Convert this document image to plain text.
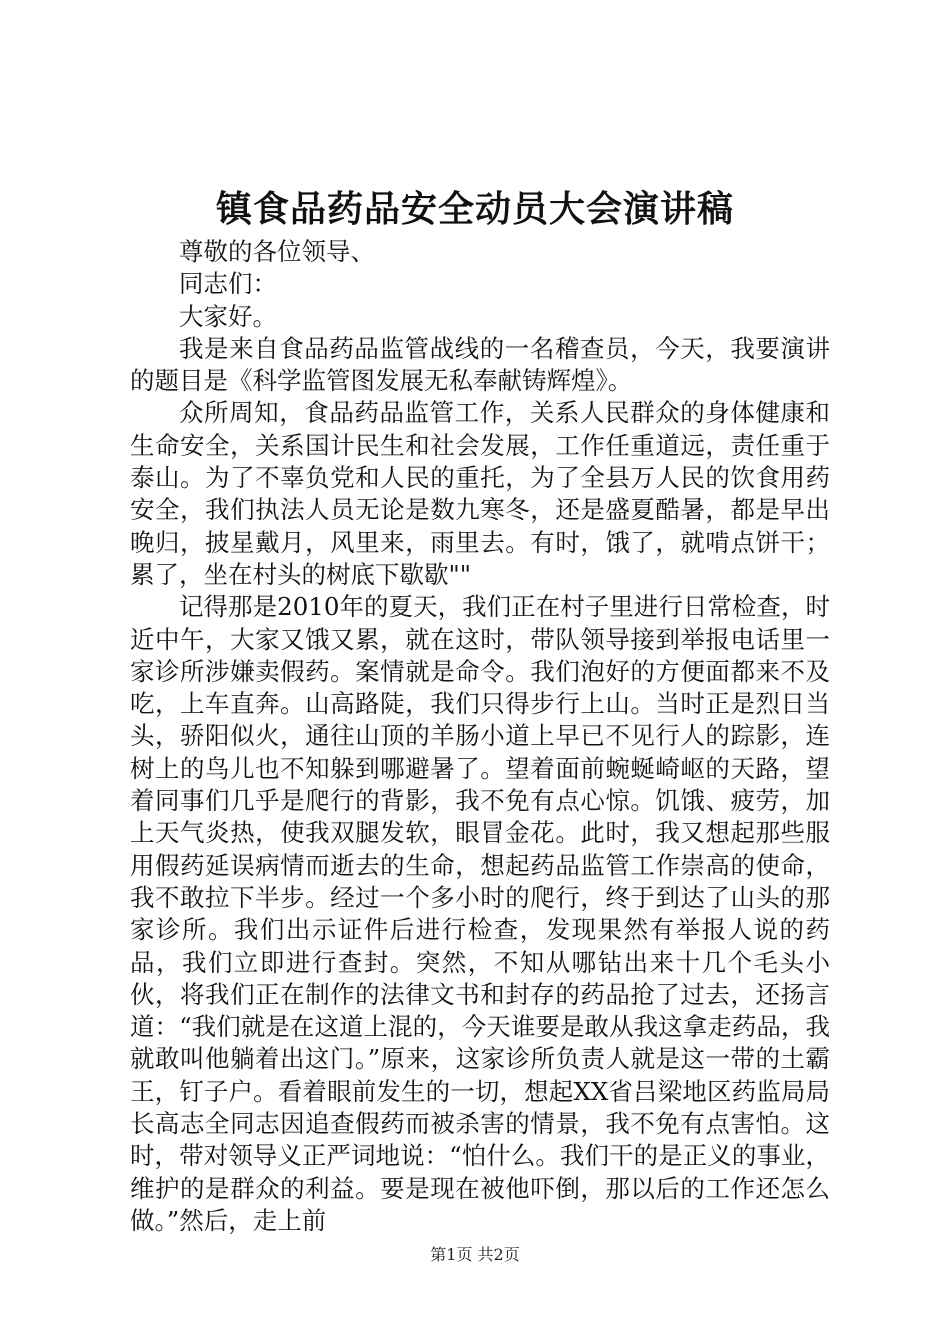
镇食品药品安全动员大会演讲稿

尊敬的各位领导、

同志们：

大家好。

我是来自食品药品监管战线的一名稽查员，今天，我要演讲的题目是《科学监管图发展无私奉献铸辉煌》。

众所周知，食品药品监管工作，关系人民群众的身体健康和生命安全，关系国计民生和社会发展，工作任重道远，责任重于泰山。为了不辜负党和人民的重托，为了全县万人民的饮食用药安全，我们执法人员无论是数九寒冬，还是盛夏酷暑，都是早出晚归，披星戴月，风里来，雨里去。有时，饿了，就啃点饼干；累了，坐在村头的树底下歇歇""

记得那是2010年的夏天，我们正在村子里进行日常检查，时近中午，大家又饿又累，就在这时，带队领导接到举报电话里一家诊所涉嫌卖假药。案情就是命令。我们泡好的方便面都来不及吃，上车直奔。山高路陡，我们只得步行上山。当时正是烈日当头，骄阳似火，通往山顶的羊肠小道上早已不见行人的踪影，连树上的鸟儿也不知躲到哪避暑了。望着面前蜿蜒崎岖的天路，望着同事们几乎是爬行的背影，我不免有点心惊。饥饿、疲劳，加上天气炎热，使我双腿发软，眼冒金花。此时，我又想起那些服用假药延误病情而逝去的生命，想起药品监管工作崇高的使命，我不敢拉下半步。经过一个多小时的爬行，终于到达了山头的那家诊所。我们出示证件后进行检查，发现果然有举报人说的药品，我们立即进行查封。突然，不知从哪钻出来十几个毛头小伙，将我们正在制作的法律文书和封存的药品抢了过去，还扬言道：“我们就是在这道上混的，今天谁要是敢从我这拿走药品，我就敢叫他躺着出这门。”原来，这家诊所负责人就是这一带的土霸王，钉子户。看着眼前发生的一切，想起XX省吕梁地区药监局局长高志全同志因追查假药而被杀害的情景，我不免有点害怕。这时，带对领导义正严词地说：“怕什么。我们干的是正义的事业，维护的是群众的利益。要是现在被他吓倒，那以后的工作还怎么做。”然后，走上前

第1页 共2页
